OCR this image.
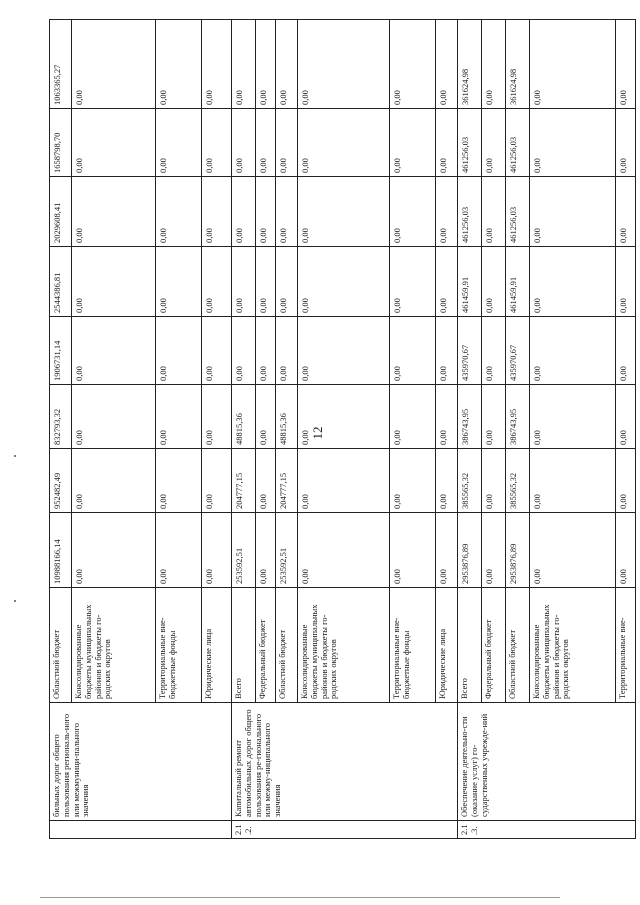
12
	бильных дорог общего пользования региональ-ного или межмуници-пального значения	Областной бюджет	10988166,14	952482,49	832793,32	1906731,14	2544386,81	2029608,41	1658798,70	1063365,27
		Консолидированные бюджеты муниципальных районов и бюджеты го-родских округов	0,00	0,00	0,00	0,00	0,00	0,00	0,00	0,00
		Территориальные вне-бюджетные фонды	0,00	0,00	0,00	0,00	0,00	0,00	0,00	0,00
		Юридические лица	0,00	0,00	0,00	0,00	0,00	0,00	0,00	0,00
2.1.2.	Капитальный ремонт автомобильных дорог общего пользования ре-гионального или межму-ниципального значения	Всего	253592,51	204777,15	48815,36	0,00	0,00	0,00	0,00	0,00
		Федеральный бюджет	0,00	0,00	0,00	0,00	0,00	0,00	0,00	0,00
		Областной бюджет	253592,51	204777,15	48815,36	0,00	0,00	0,00	0,00	0,00
		Консолидированные бюджеты муниципальных районов и бюджеты го-родских округов	0,00	0,00	0,00	0,00	0,00	0,00	0,00	0,00
		Территориальные вне-бюджетные фонды	0,00	0,00	0,00	0,00	0,00	0,00	0,00	0,00
		Юридические лица	0,00	0,00	0,00	0,00	0,00	0,00	0,00	0,00
2.1.3.	Обеспечение деятельно-сти (оказание услуг) го-сударственных учрежде-ний	Всего	2953876,89	385565,32	386743,95	435970,67	461459,91	461256,03	461256,03	361624,98
		Федеральный бюджет	0,00	0,00	0,00	0,00	0,00	0,00	0,00	0,00
		Областной бюджет	2953876,89	385565,32	386743,95	435970,67	461459,91	461256,03	461256,03	361624,98
		Консолидированные бюджеты муниципальных районов и бюджеты го-родских округов	0,00	0,00	0,00	0,00	0,00	0,00	0,00	0,00
		Территориальные вне-	0,00	0,00	0,00	0,00	0,00	0,00	0,00	0,00
